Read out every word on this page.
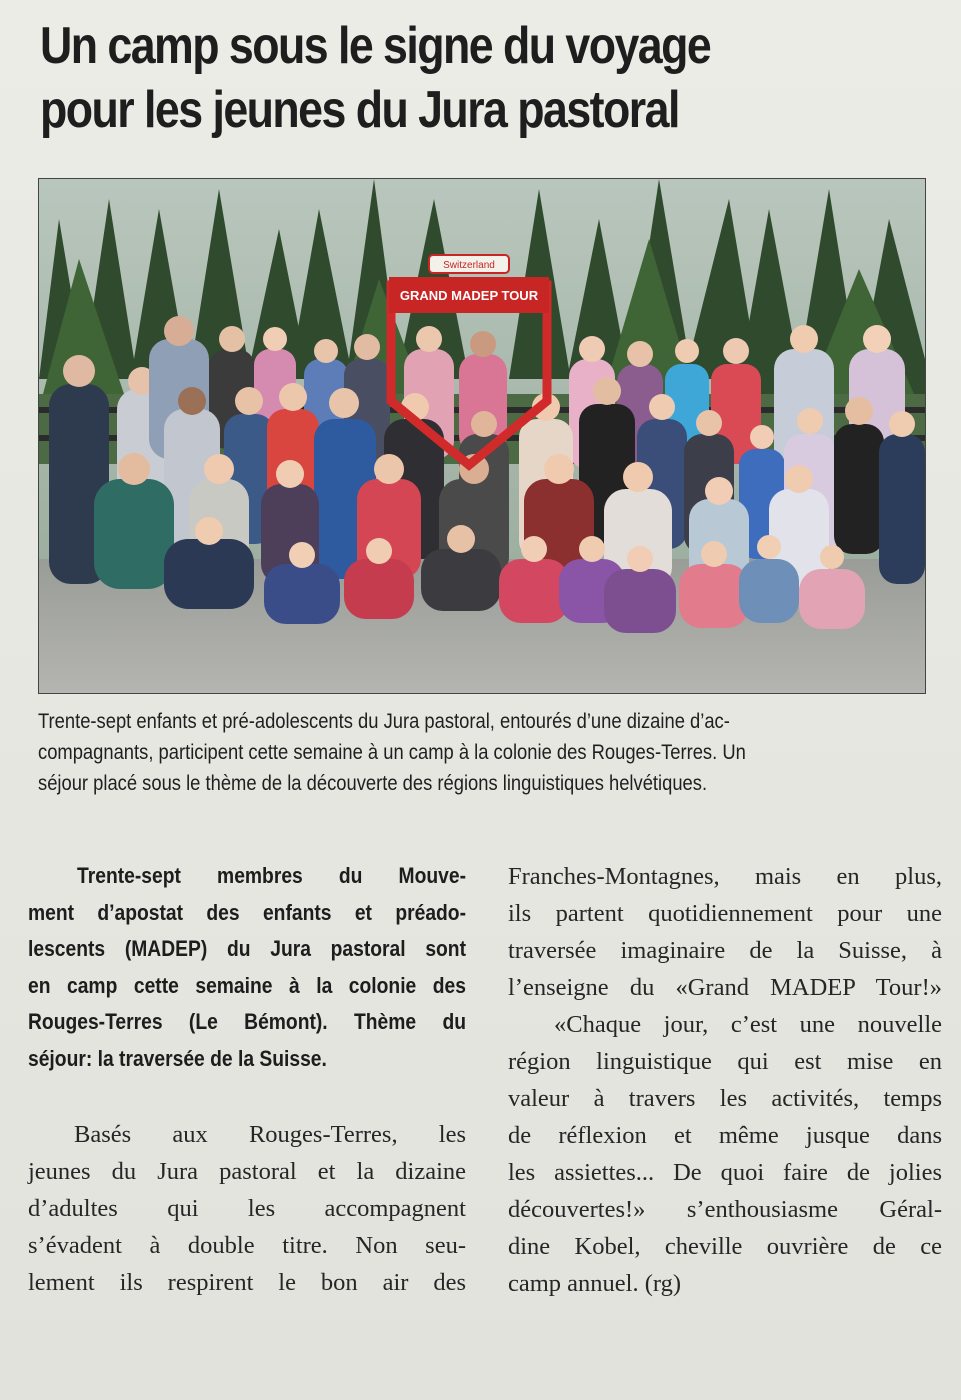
Un camp sous le signe du voyage
pour les jeunes du Jura pastoral
Switzerland
GRAND MADEP TOUR
Trente-sept enfants et pré-adolescents du Jura pastoral, entourés d’une dizaine d’ac-
compagnants, participent cette semaine à un camp à la colonie des Rouges-Terres. Un
séjour placé sous le thème de la découverte des régions linguistiques helvétiques.
Trente-sept membres du Mouve-
ment d’apostat des enfants et préado-
lescents (MADEP) du Jura pastoral sont
en camp cette semaine à la colonie des
Rouges-Terres (Le Bémont). Thème du
séjour: la traversée de la Suisse.
Basés aux Rouges-Terres, les
jeunes du Jura pastoral et la dizaine
d’adultes qui les accompagnent
s’évadent à double titre. Non seu-
lement ils respirent le bon air des
Franches-Montagnes, mais en plus,
ils partent quotidiennement pour une
traversée imaginaire de la Suisse, à
l’enseigne du «Grand MADEP Tour!»
«Chaque jour, c’est une nouvelle
région linguistique qui est mise en
valeur à travers les activités, temps
de réflexion et même jusque dans
les assiettes... De quoi faire de jolies
découvertes!» s’enthousiasme Géral-
dine Kobel, cheville ouvrière de ce
camp annuel. (rg)
